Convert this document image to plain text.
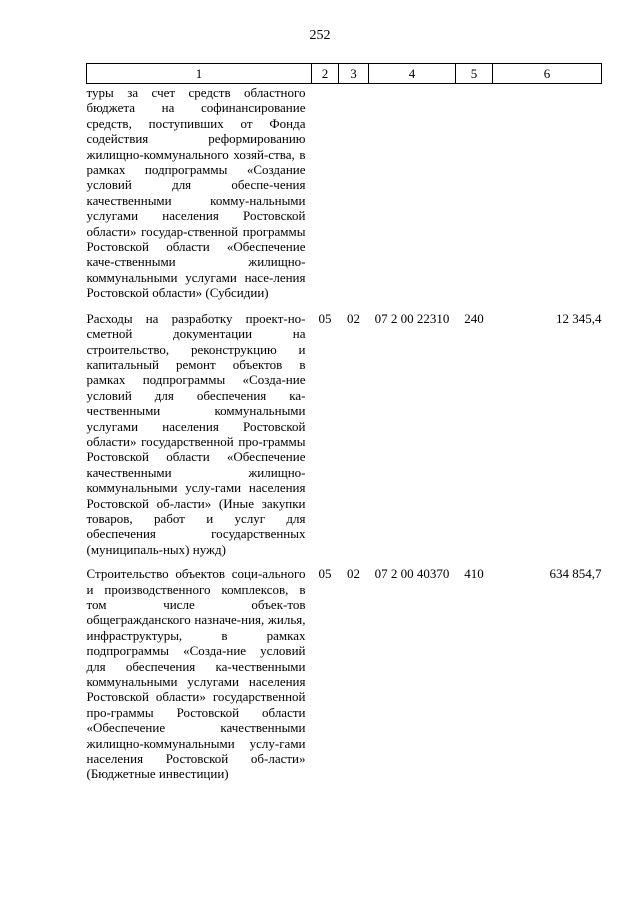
252
1	2	3	4	5	6
туры за счет средств областного бюджета на софинансирование средств, поступивших от Фонда содействия реформированию жилищно-коммунального хозяй-ства, в рамках подпрограммы «Создание условий для обеспе-чения качественными комму-нальными услугами населения Ростовской области» государ-ственной программы Ростовской области «Обеспечение каче-ственными жилищно-коммунальными услугами насе-ления Ростовской области» (Субсидии)					
Расходы на разработку проект-но-сметной документации на строительство, реконструкцию и капитальный ремонт объектов в рамках подпрограммы «Созда-ние условий для обеспечения ка-чественными коммунальными услугами населения Ростовской области» государственной про-граммы Ростовской области «Обеспечение качественными жилищно-коммунальными услу-гами населения Ростовской об-ласти» (Иные закупки товаров, работ и услуг для обеспечения государственных (муниципаль-ных) нужд)	05	02	07 2 00 22310	240	12 345,4
Строительство объектов соци-ального и производственного комплексов, в том числе объек-тов общегражданского назначе-ния, жилья, инфраструктуры, в рамках подпрограммы «Созда-ние условий для обеспечения ка-чественными коммунальными услугами населения Ростовской области» государственной про-граммы Ростовской области «Обеспечение качественными жилищно-коммунальными услу-гами населения Ростовской об-ласти» (Бюджетные инвестиции)	05	02	07 2 00 40370	410	634 854,7
